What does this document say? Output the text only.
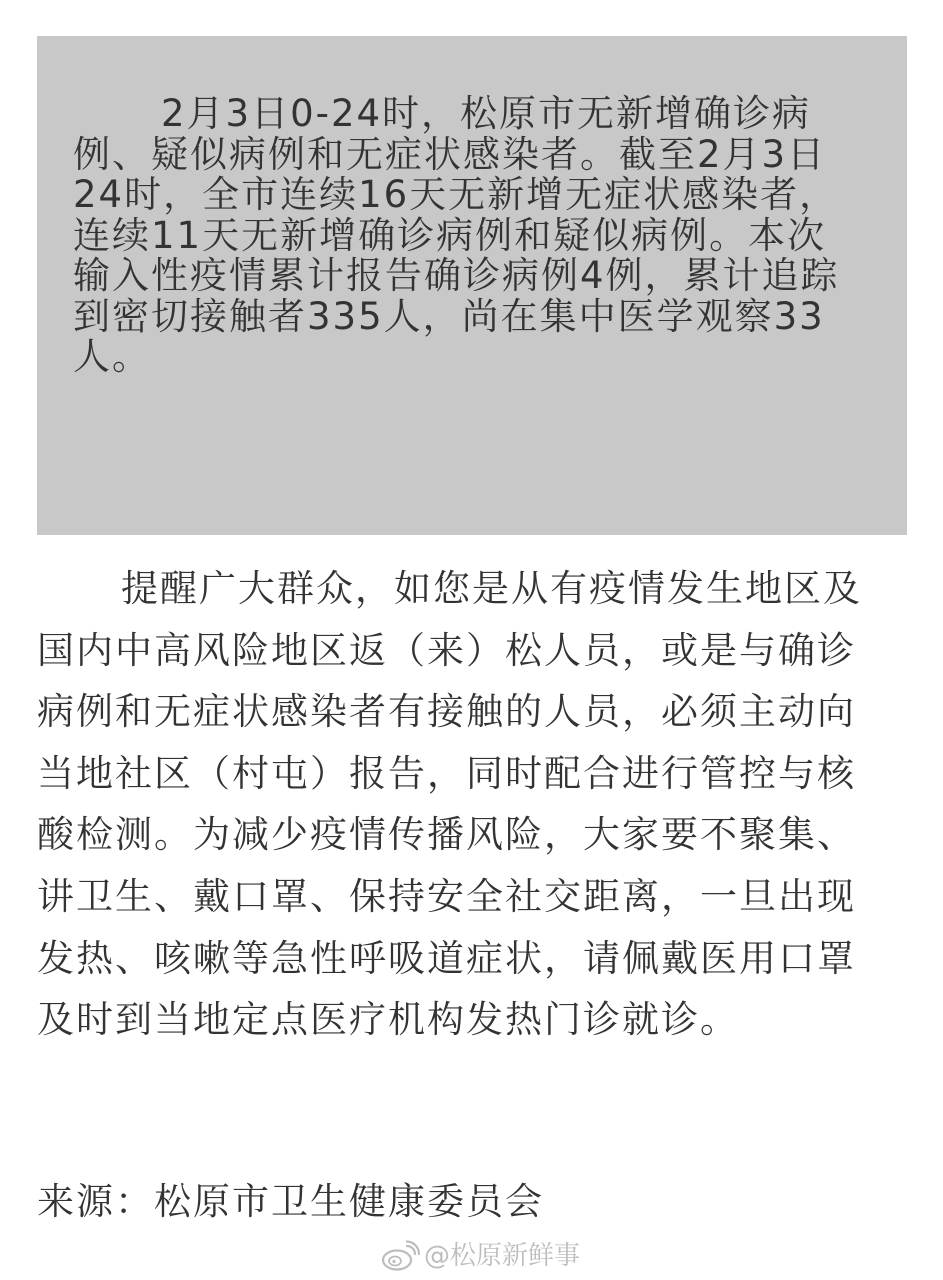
2月3日0-24时，松原市无新增确诊病
例、疑似病例和无症状感染者。截至2月3日
24时，全市连续16天无新增无症状感染者，
连续11天无新增确诊病例和疑似病例。本次
输入性疫情累计报告确诊病例4例，累计追踪
到密切接触者335人，尚在集中医学观察33
人。
提醒广大群众，如您是从有疫情发生地区及
国内中高风险地区返（来）松人员，或是与确诊
病例和无症状感染者有接触的人员，必须主动向
当地社区（村屯）报告，同时配合进行管控与核
酸检测。为减少疫情传播风险，大家要不聚集、
讲卫生、戴口罩、保持安全社交距离，一旦出现
发热、咳嗽等急性呼吸道症状，请佩戴医用口罩
及时到当地定点医疗机构发热门诊就诊。
来源：松原市卫生健康委员会
@松原新鲜事
